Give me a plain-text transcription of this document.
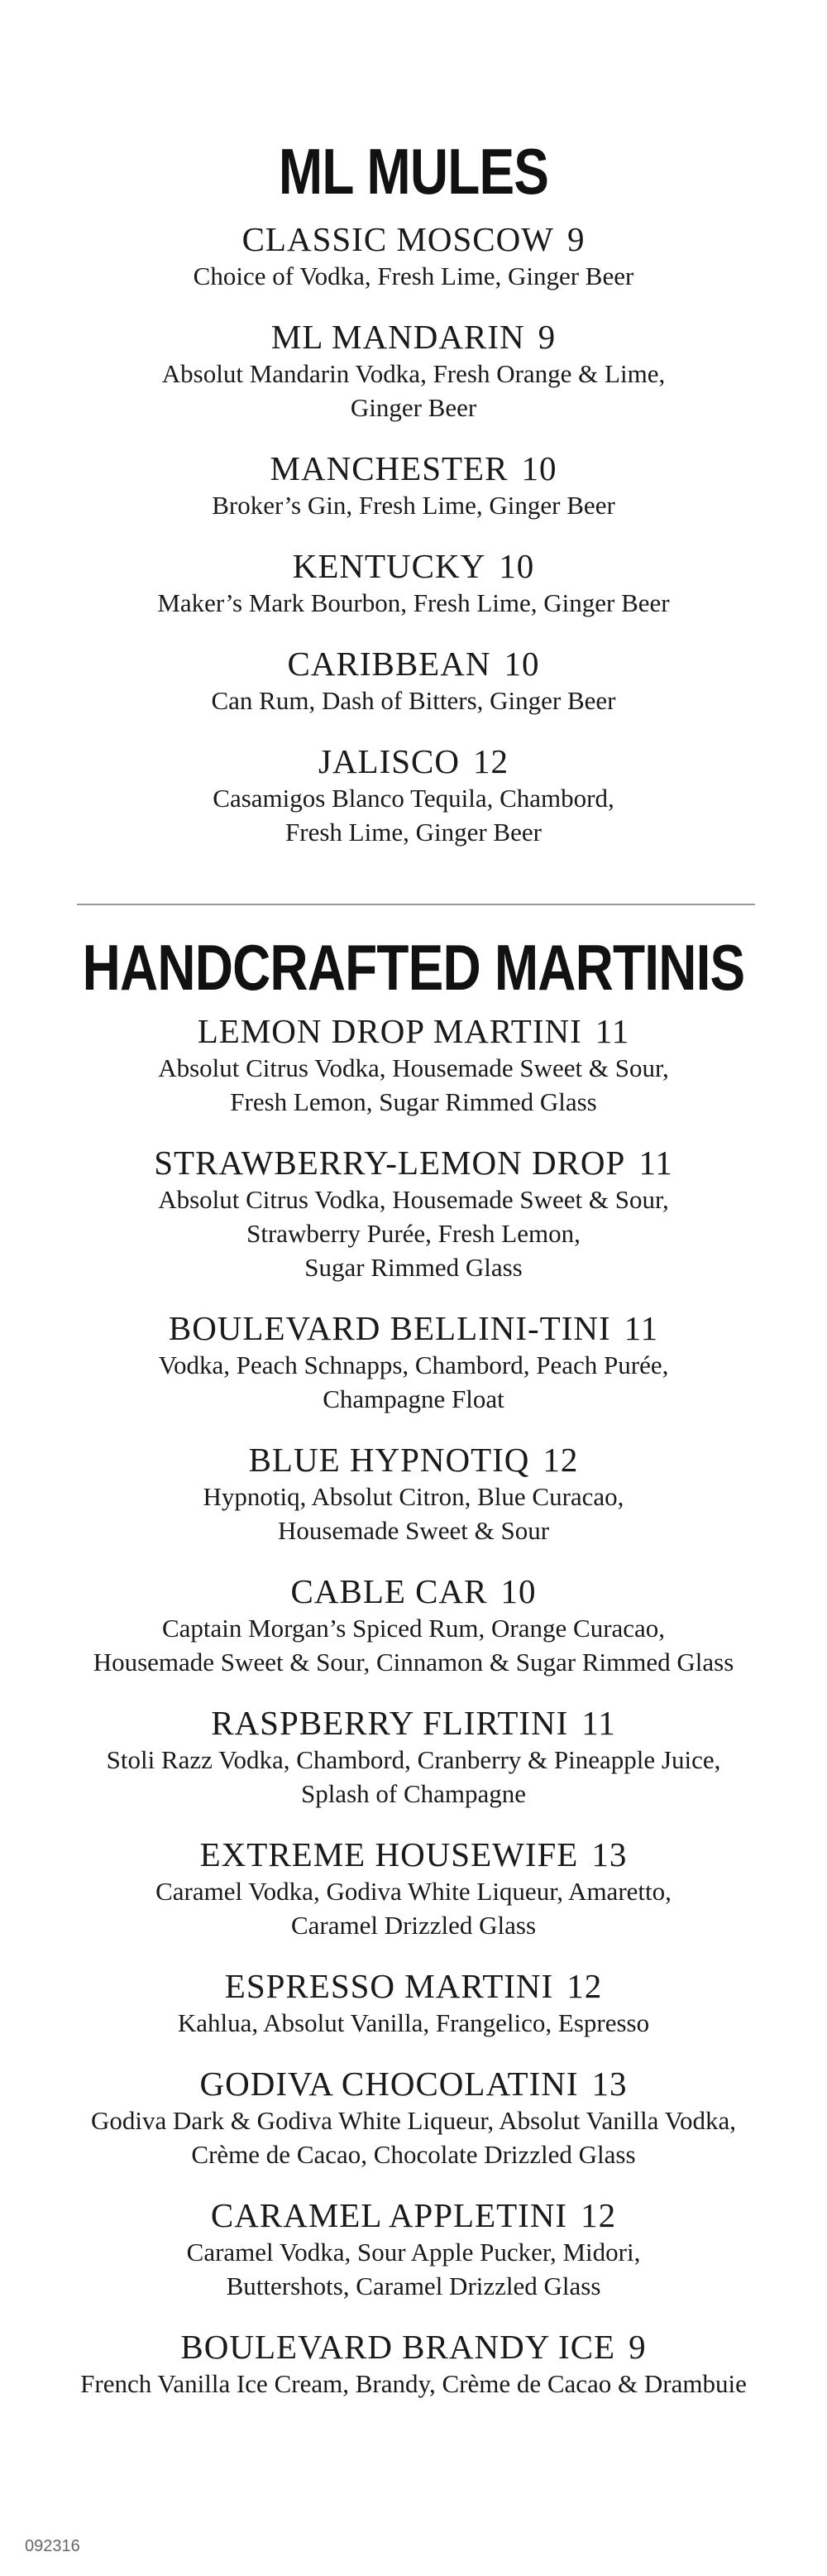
ML MULES
CLASSIC MOSCOW 9
Choice of Vodka, Fresh Lime, Ginger Beer
ML MANDARIN 9
Absolut Mandarin Vodka, Fresh Orange & Lime,
Ginger Beer
MANCHESTER 10
Broker’s Gin, Fresh Lime, Ginger Beer
KENTUCKY 10
Maker’s Mark Bourbon, Fresh Lime, Ginger Beer
CARIBBEAN 10
Can Rum, Dash of Bitters, Ginger Beer
JALISCO 12
Casamigos Blanco Tequila, Chambord,
Fresh Lime, Ginger Beer
HANDCRAFTED MARTINIS
LEMON DROP MARTINI 11
Absolut Citrus Vodka, Housemade Sweet & Sour,
Fresh Lemon, Sugar Rimmed Glass
STRAWBERRY-LEMON DROP 11
Absolut Citrus Vodka, Housemade Sweet & Sour,
Strawberry Purée, Fresh Lemon,
Sugar Rimmed Glass
BOULEVARD BELLINI-TINI 11
Vodka, Peach Schnapps, Chambord, Peach Purée,
Champagne Float
BLUE HYPNOTIQ 12
Hypnotiq, Absolut Citron, Blue Curacao,
Housemade Sweet & Sour
CABLE CAR 10
Captain Morgan’s Spiced Rum, Orange Curacao,
Housemade Sweet & Sour, Cinnamon & Sugar Rimmed Glass
RASPBERRY FLIRTINI 11
Stoli Razz Vodka, Chambord, Cranberry & Pineapple Juice,
Splash of Champagne
EXTREME HOUSEWIFE 13
Caramel Vodka, Godiva White Liqueur, Amaretto,
Caramel Drizzled Glass
ESPRESSO MARTINI 12
Kahlua, Absolut Vanilla, Frangelico, Espresso
GODIVA CHOCOLATINI 13
Godiva Dark & Godiva White Liqueur, Absolut Vanilla Vodka,
Crème de Cacao, Chocolate Drizzled Glass
CARAMEL APPLETINI 12
Caramel Vodka, Sour Apple Pucker, Midori,
Buttershots, Caramel Drizzled Glass
BOULEVARD BRANDY ICE 9
French Vanilla Ice Cream, Brandy, Crème de Cacao & Drambuie
092316
